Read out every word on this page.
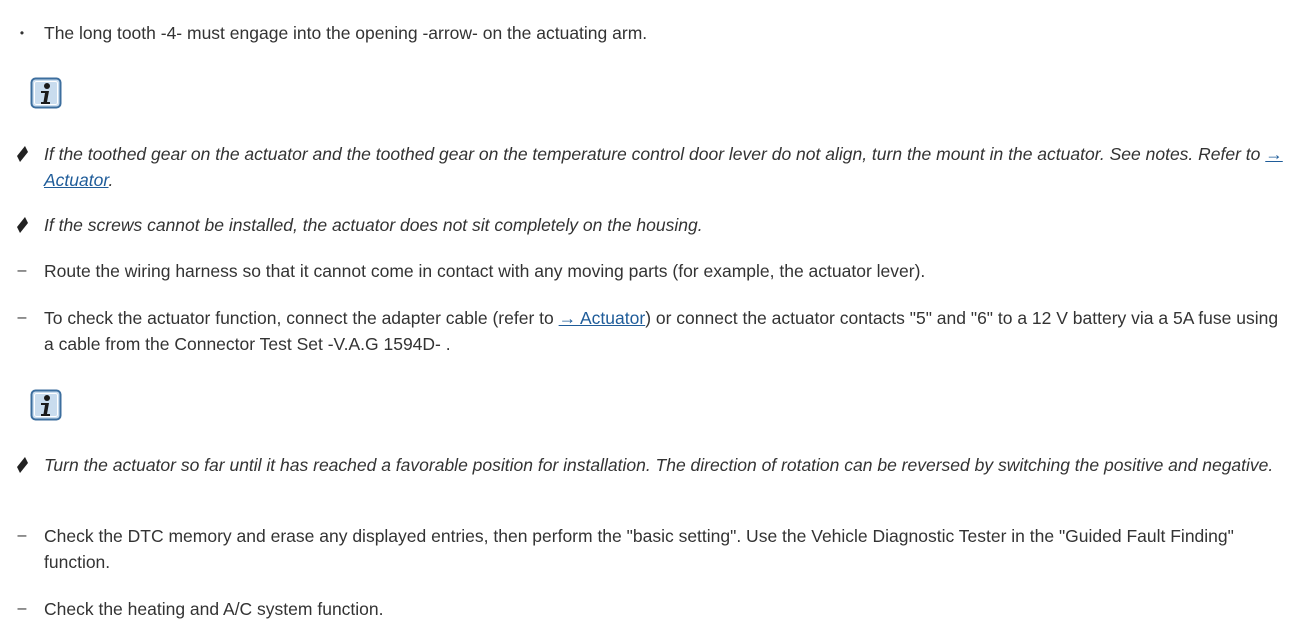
•	The long tooth -4- must engage into the opening -arrow- on the actuating arm.
If the toothed gear on the actuator and the toothed gear on the temperature control door lever do not align, turn the mount in the actuator. See notes. Refer to → Actuator.
If the screws cannot be installed, the actuator does not sit completely on the housing.
– Route the wiring harness so that it cannot come in contact with any moving parts (for example, the actuator lever).
– To check the actuator function, connect the adapter cable (refer to → Actuator) or connect the actuator contacts "5" and "6" to a 12 V battery via a 5A fuse using a cable from the Connector Test Set -V.A.G 1594D- .
Turn the actuator so far until it has reached a favorable position for installation. The direction of rotation can be reversed by switching the positive and negative.
– Check the DTC memory and erase any displayed entries, then perform the "basic setting". Use the Vehicle Diagnostic Tester in the "Guided Fault Finding" function.
– Check the heating and A/C system function.
